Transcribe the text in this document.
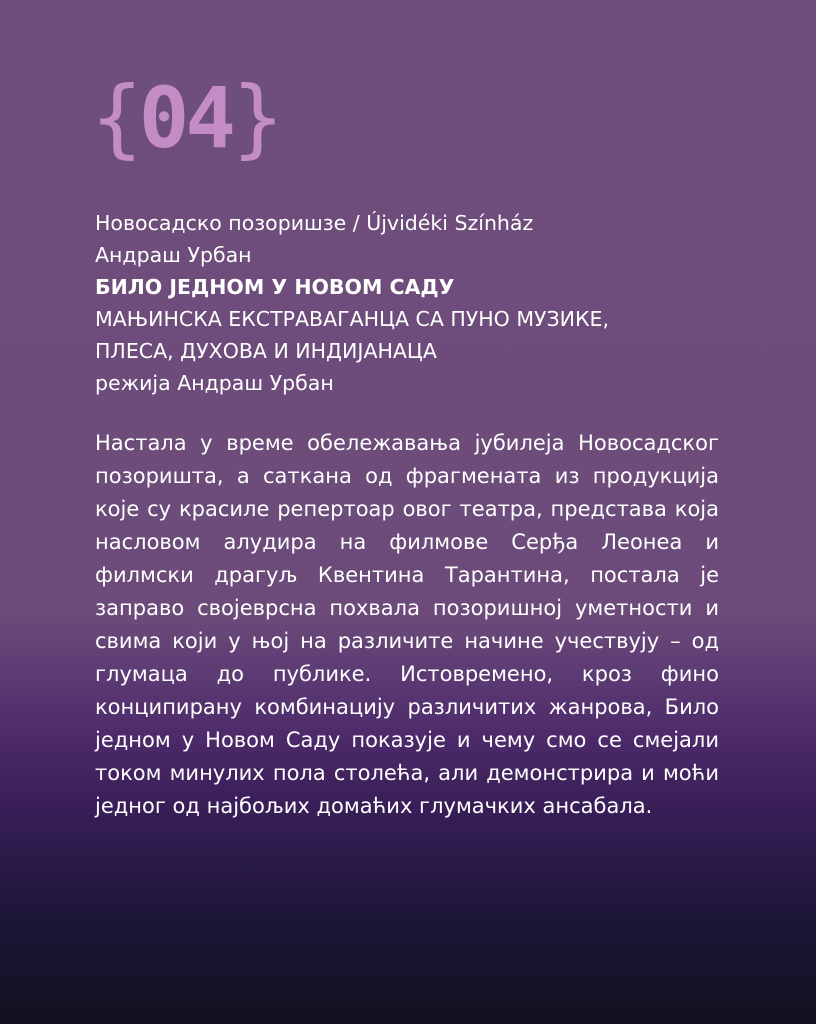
{ 04 }
Новосадско позоришзе / Újvidéki Színház
Андраш Урбан
БИЛО ЈЕДНОМ У НОВОМ САДУ
МАЊИНСКА ЕКСТРАВАГАНЦА СА ПУНО МУЗИКЕ,
ПЛЕСА, ДУХОВА И ИНДИЈАНАЦА
режија Андраш Урбан

Настала у време обележавања јубилеја Новосадског позоришта, а саткана од фрагмената из продукција које су красиле репертоар овог театра, представа која насловом алудира на филмове Серђа Леонеа и филмски драгуљ Квентина Тарантина, постала је заправо својеврсна похвала позоришној уметности и свима који у њој на различите начине учествују – од глумаца до публике. Истовремено, кроз фино конципирану комбинацију различитих жанрова, Било једном у Новом Саду показује и чему смо се смејали током минулих пола столећа, али демонстрира и моћи једног од најбољих домаћих глумачких ансабала.
